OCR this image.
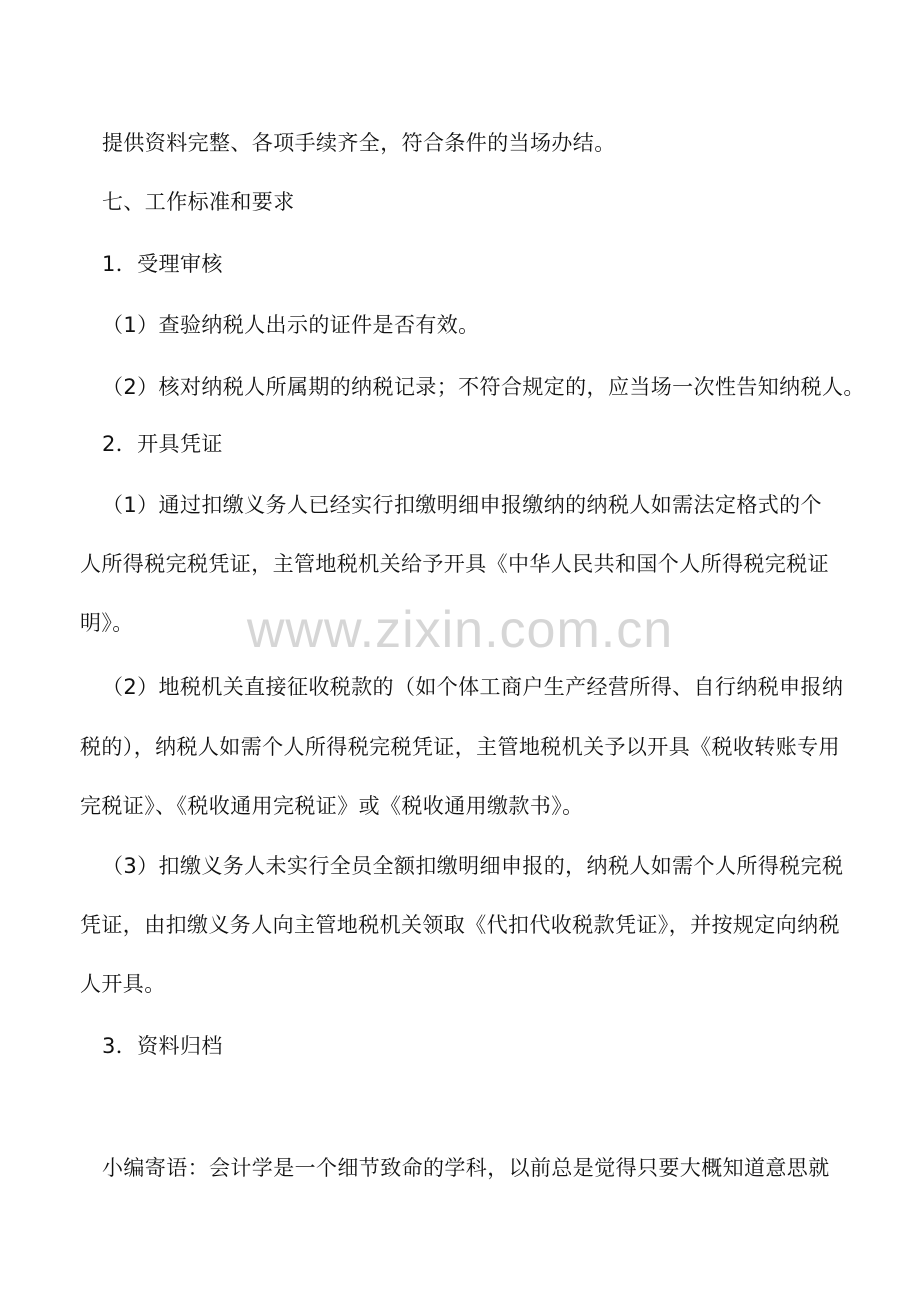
提供资料完整、各项手续齐全，符合条件的当场办结。
七、工作标准和要求
1．受理审核
（1）查验纳税人出示的证件是否有效。
（2）核对纳税人所属期的纳税记录；不符合规定的，应当场一次性告知纳税人。
2．开具凭证
（1）通过扣缴义务人已经实行扣缴明细申报缴纳的纳税人如需法定格式的个
人所得税完税凭证，主管地税机关给予开具《中华人民共和国个人所得税完税证
明》。
（2）地税机关直接征收税款的（如个体工商户生产经营所得、自行纳税申报纳
税的），纳税人如需个人所得税完税凭证，主管地税机关予以开具《税收转账专用
完税证》、《税收通用完税证》或《税收通用缴款书》。
（3）扣缴义务人未实行全员全额扣缴明细申报的，纳税人如需个人所得税完税
凭证，由扣缴义务人向主管地税机关领取《代扣代收税款凭证》，并按规定向纳税
人开具。
3．资料归档
小编寄语：会计学是一个细节致命的学科，以前总是觉得只要大概知道意思就
www.zixin.com.cn
